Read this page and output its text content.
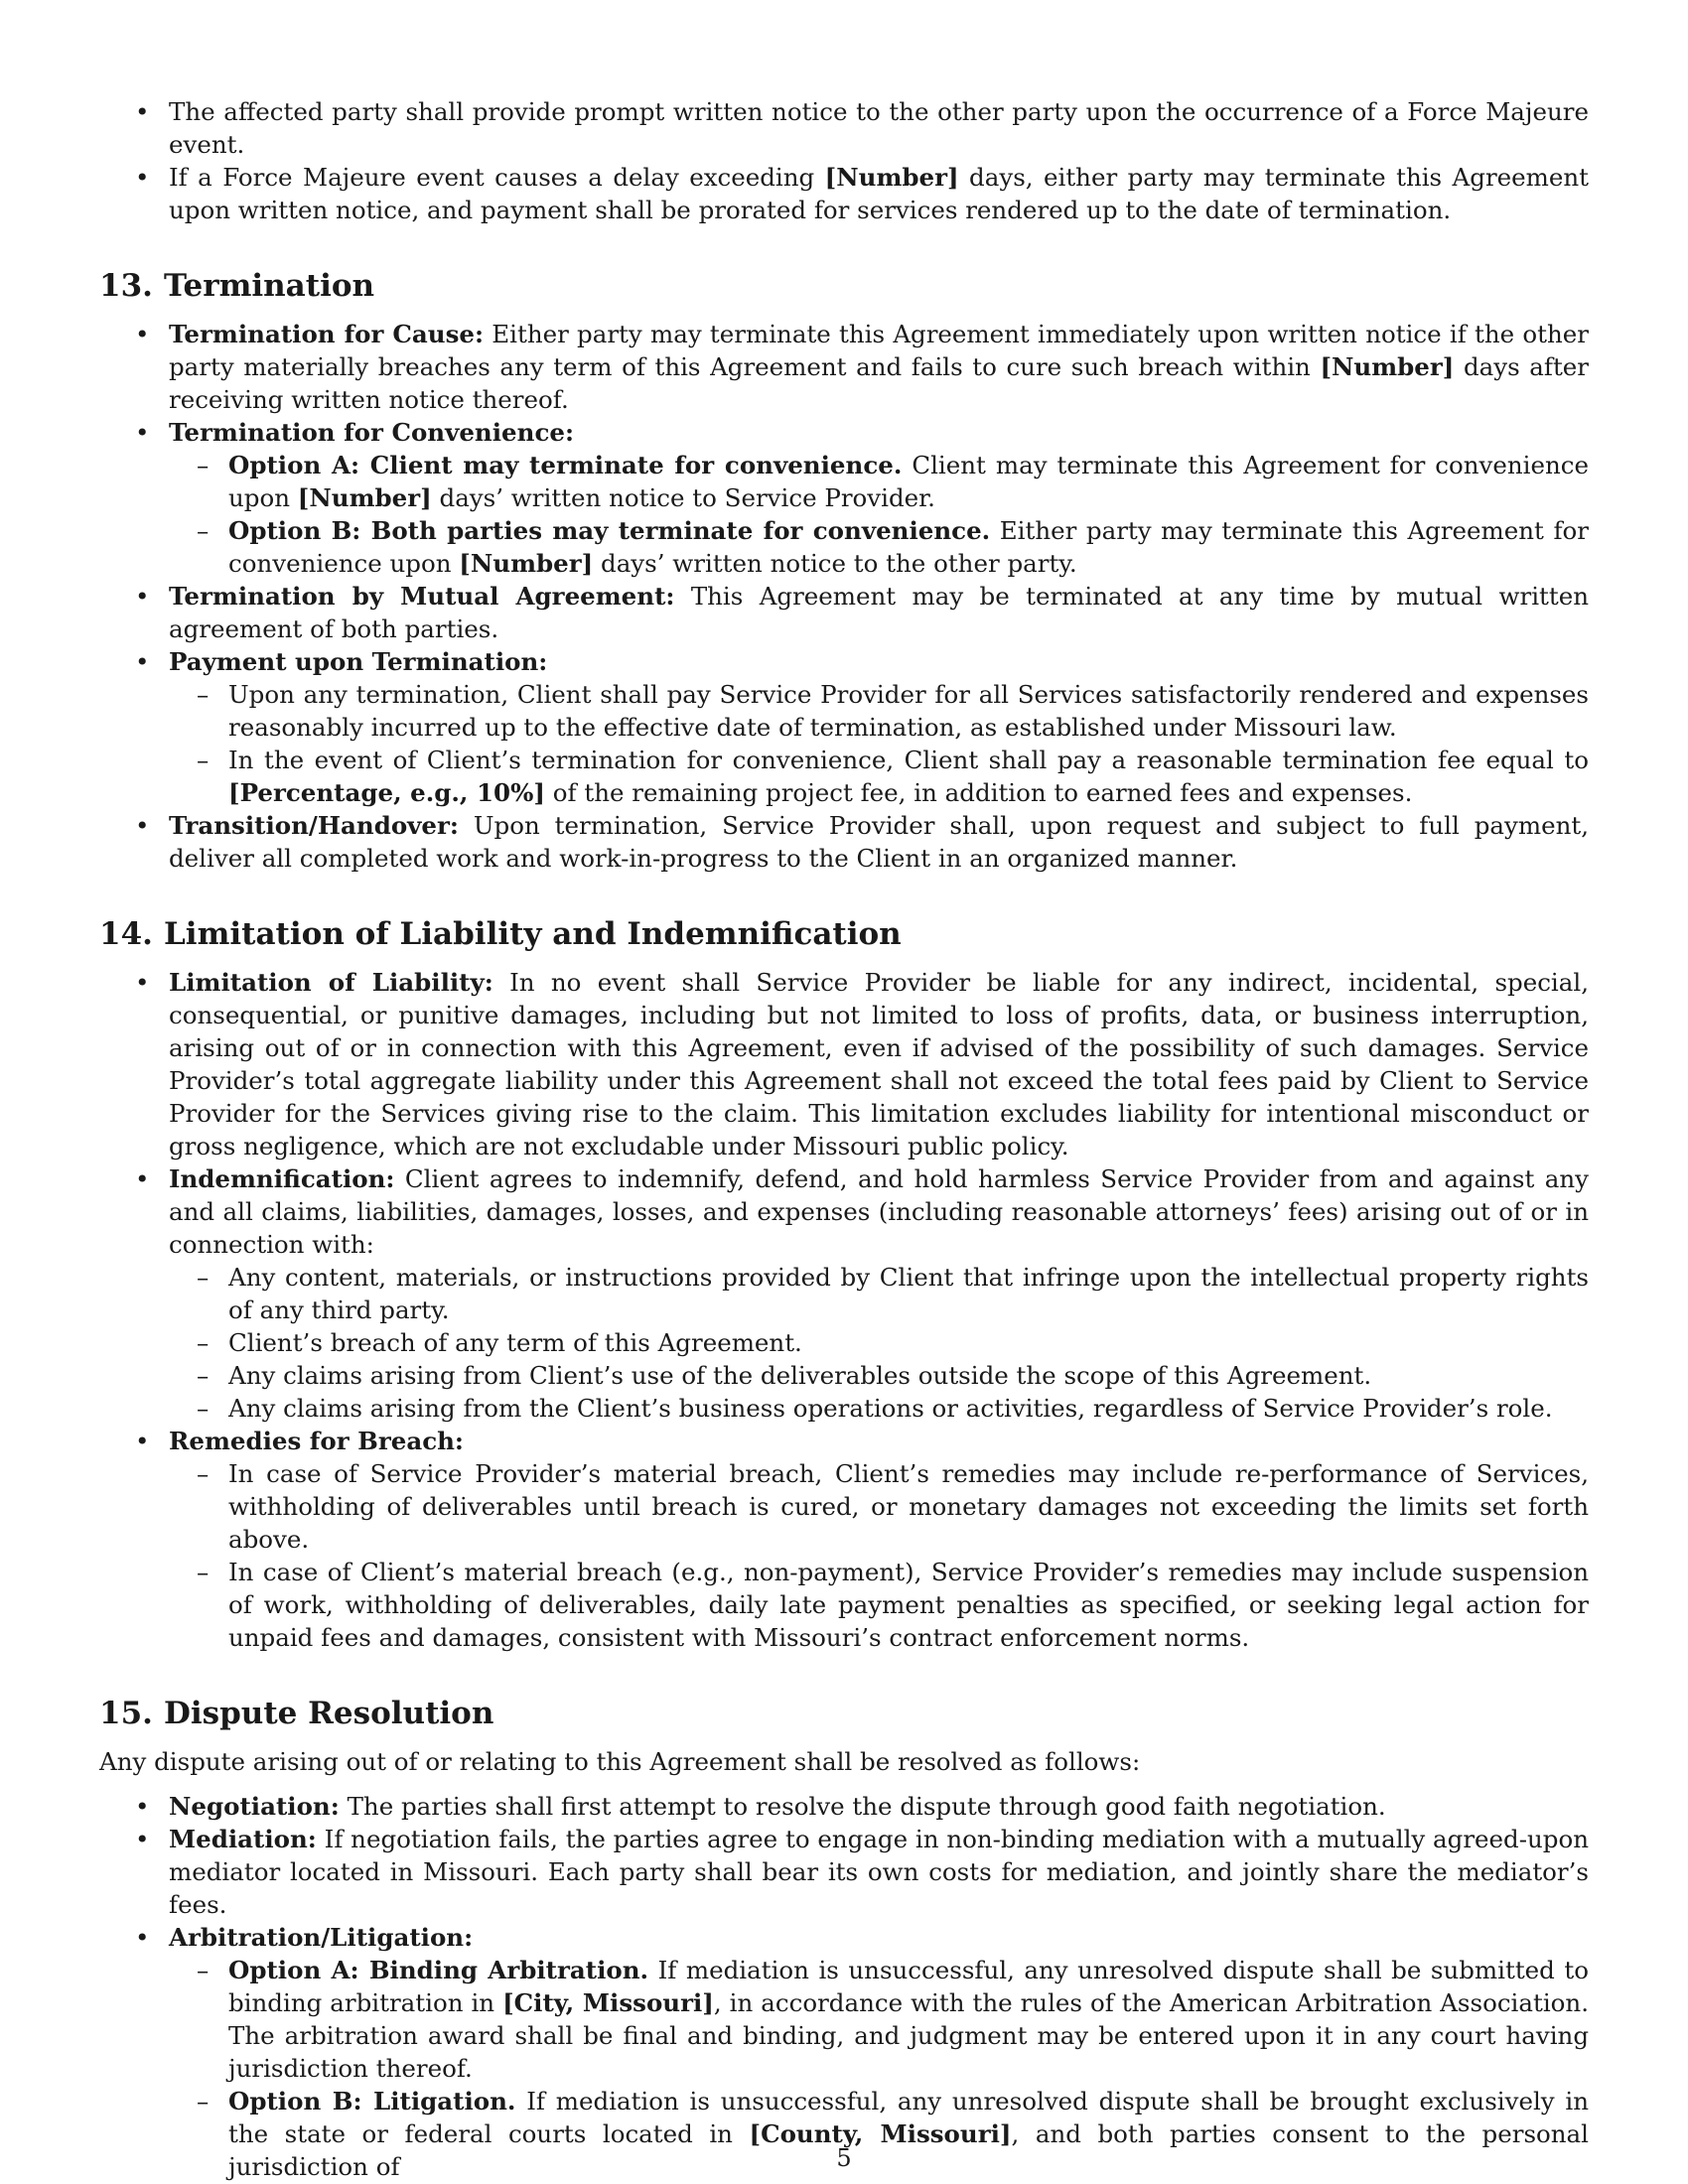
• The affected party shall provide prompt written notice to the other party upon the occurrence of a Force Majeure event.
• If a Force Majeure event causes a delay exceeding [Number] days, either party may terminate this Agreement upon written notice, and payment shall be prorated for services rendered up to the date of termination.
13. Termination
• Termination for Cause: Either party may terminate this Agreement immediately upon written notice if the other party materially breaches any term of this Agreement and fails to cure such breach within [Number] days after receiving written notice thereof.
• Termination for Convenience:
– Option A: Client may terminate for convenience. Client may terminate this Agreement for convenience upon [Number] days’ written notice to Service Provider.
– Option B: Both parties may terminate for convenience. Either party may terminate this Agreement for convenience upon [Number] days’ written notice to the other party.
• Termination by Mutual Agreement: This Agreement may be terminated at any time by mutual written agreement of both parties.
• Payment upon Termination:
– Upon any termination, Client shall pay Service Provider for all Services satisfactorily rendered and expenses reasonably incurred up to the effective date of termination, as established under Missouri law.
– In the event of Client’s termination for convenience, Client shall pay a reasonable termination fee equal to [Percentage, e.g., 10%] of the remaining project fee, in addition to earned fees and expenses.
• Transition/Handover: Upon termination, Service Provider shall, upon request and subject to full payment, deliver all completed work and work-in-progress to the Client in an organized manner.
14. Limitation of Liability and Indemnification
• Limitation of Liability: In no event shall Service Provider be liable for any indirect, incidental, special, consequential, or punitive damages, including but not limited to loss of profits, data, or business interruption, arising out of or in connection with this Agreement, even if advised of the possibility of such damages. Service Provider’s total aggregate liability under this Agreement shall not exceed the total fees paid by Client to Service Provider for the Services giving rise to the claim. This limitation excludes liability for intentional misconduct or gross negligence, which are not excludable under Missouri public policy.
• Indemnification: Client agrees to indemnify, defend, and hold harmless Service Provider from and against any and all claims, liabilities, damages, losses, and expenses (including reasonable attorneys’ fees) arising out of or in connection with:
– Any content, materials, or instructions provided by Client that infringe upon the intellectual property rights of any third party.
– Client’s breach of any term of this Agreement.
– Any claims arising from Client’s use of the deliverables outside the scope of this Agreement.
– Any claims arising from the Client’s business operations or activities, regardless of Service Provider’s role.
• Remedies for Breach:
– In case of Service Provider’s material breach, Client’s remedies may include re-performance of Services, withholding of deliverables until breach is cured, or monetary damages not exceeding the limits set forth above.
– In case of Client’s material breach (e.g., non-payment), Service Provider’s remedies may include suspension of work, withholding of deliverables, daily late payment penalties as specified, or seeking legal action for unpaid fees and damages, consistent with Missouri’s contract enforcement norms.
15. Dispute Resolution

Any dispute arising out of or relating to this Agreement shall be resolved as follows:

• Negotiation: The parties shall first attempt to resolve the dispute through good faith negotiation.
• Mediation: If negotiation fails, the parties agree to engage in non-binding mediation with a mutually agreed-upon mediator located in Missouri. Each party shall bear its own costs for mediation, and jointly share the mediator’s fees.
• Arbitration/Litigation:
– Option A: Binding Arbitration. If mediation is unsuccessful, any unresolved dispute shall be submitted to binding arbitration in [City, Missouri], in accordance with the rules of the American Arbitration Association. The arbitration award shall be final and binding, and judgment may be entered upon it in any court having jurisdiction thereof.
– Option B: Litigation. If mediation is unsuccessful, any unresolved dispute shall be brought exclusively in the state or federal courts located in [County, Missouri], and both parties consent to the personal jurisdiction of	5
